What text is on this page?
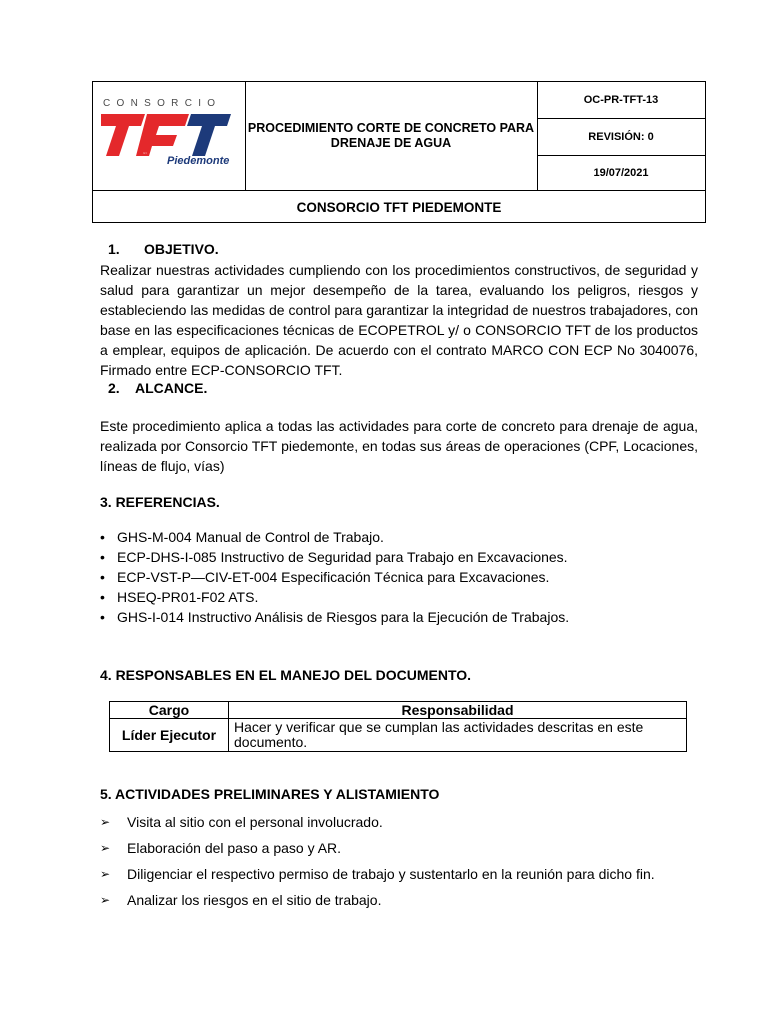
CONSORCIO
TFT
Piedemonte
PROCEDIMIENTO CORTE DE CONCRETO PARA DRENAJE DE AGUA
OC-PR-TFT-13
REVISIÓN: 0
19/07/2021
CONSORCIO TFT PIEDEMONTE
1. OBJETIVO.
Realizar nuestras actividades cumpliendo con los procedimientos constructivos, de seguridad y salud para garantizar un mejor desempeño de la tarea, evaluando los peligros, riesgos y estableciendo las medidas de control para garantizar la integridad de nuestros trabajadores, con base en las especificaciones técnicas de ECOPETROL y/ o CONSORCIO TFT de los productos a emplear, equipos de aplicación. De acuerdo con el contrato MARCO CON ECP No 3040076, Firmado entre ECP-CONSORCIO TFT.
2. ALCANCE.
Este procedimiento aplica a todas las actividades para corte de concreto para drenaje de agua, realizada por Consorcio TFT piedemonte, en todas sus áreas de operaciones (CPF, Locaciones, líneas de flujo, vías)
3. REFERENCIAS.
• GHS-M-004 Manual de Control de Trabajo.
• ECP-DHS-I-085 Instructivo de Seguridad para Trabajo en Excavaciones.
• ECP-VST-P—CIV-ET-004 Especificación Técnica para Excavaciones.
• HSEQ-PR01-F02 ATS.
• GHS-I-014 Instructivo Análisis de Riesgos para la Ejecución de Trabajos.
4. RESPONSABLES EN EL MANEJO DEL DOCUMENTO.
Cargo	Responsabilidad
Líder Ejecutor	Hacer y verificar que se cumplan las actividades descritas en este documento.
5. ACTIVIDADES PRELIMINARES Y ALISTAMIENTO
➢ Visita al sitio con el personal involucrado.
➢ Elaboración del paso a paso y AR.
➢ Diligenciar el respectivo permiso de trabajo y sustentarlo en la reunión para dicho fin.
➢ Analizar los riesgos en el sitio de trabajo.
